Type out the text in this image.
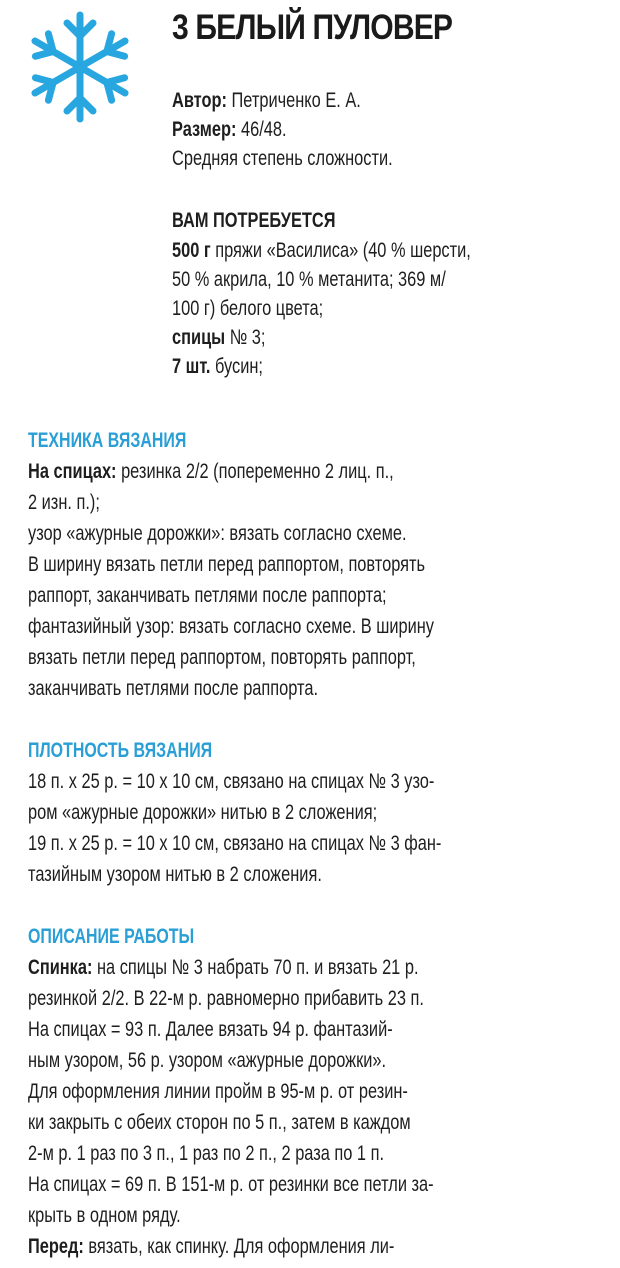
3 БЕЛЫЙ ПУЛОВЕР
Автор: Петриченко Е. А.
Размер: 46/48.
Средняя степень сложности.
ВАМ ПОТРЕБУЕТСЯ
500 г пряжи «Василиса» (40 % шерсти,
50 % акрила, 10 % метанита; 369 м/
100 г) белого цвета;
спицы № 3;
7 шт. бусин;
ТЕХНИКА ВЯЗАНИЯ
На спицах: резинка 2/2 (попеременно 2 лиц. п.,
2 изн. п.);
узор «ажурные дорожки»: вязать согласно схеме.
В ширину вязать петли перед раппортом, повторять
раппорт, заканчивать петлями после раппорта;
фантазийный узор: вязать согласно схеме. В ширину
вязать петли перед раппортом, повторять раппорт,
заканчивать петлями после раппорта.
ПЛОТНОСТЬ ВЯЗАНИЯ
18 п. х 25 р. = 10 х 10 см, связано на спицах № 3 узо-
ром «ажурные дорожки» нитью в 2 сложения;
19 п. х 25 р. = 10 х 10 см, связано на спицах № 3 фан-
тазийным узором нитью в 2 сложения.
ОПИСАНИЕ РАБОТЫ
Спинка: на спицы № 3 набрать 70 п. и вязать 21 р.
резинкой 2/2. В 22-м р. равномерно прибавить 23 п.
На спицах = 93 п. Далее вязать 94 р. фантазий-
ным узором, 56 р. узором «ажурные дорожки».
Для оформления линии пройм в 95-м р. от резин-
ки закрыть с обеих сторон по 5 п., затем в каждом
2-м р. 1 раз по 3 п., 1 раз по 2 п., 2 раза по 1 п.
На спицах = 69 п. В 151-м р. от резинки все петли за-
крыть в одном ряду.
Перед: вязать, как спинку. Для оформления ли-
